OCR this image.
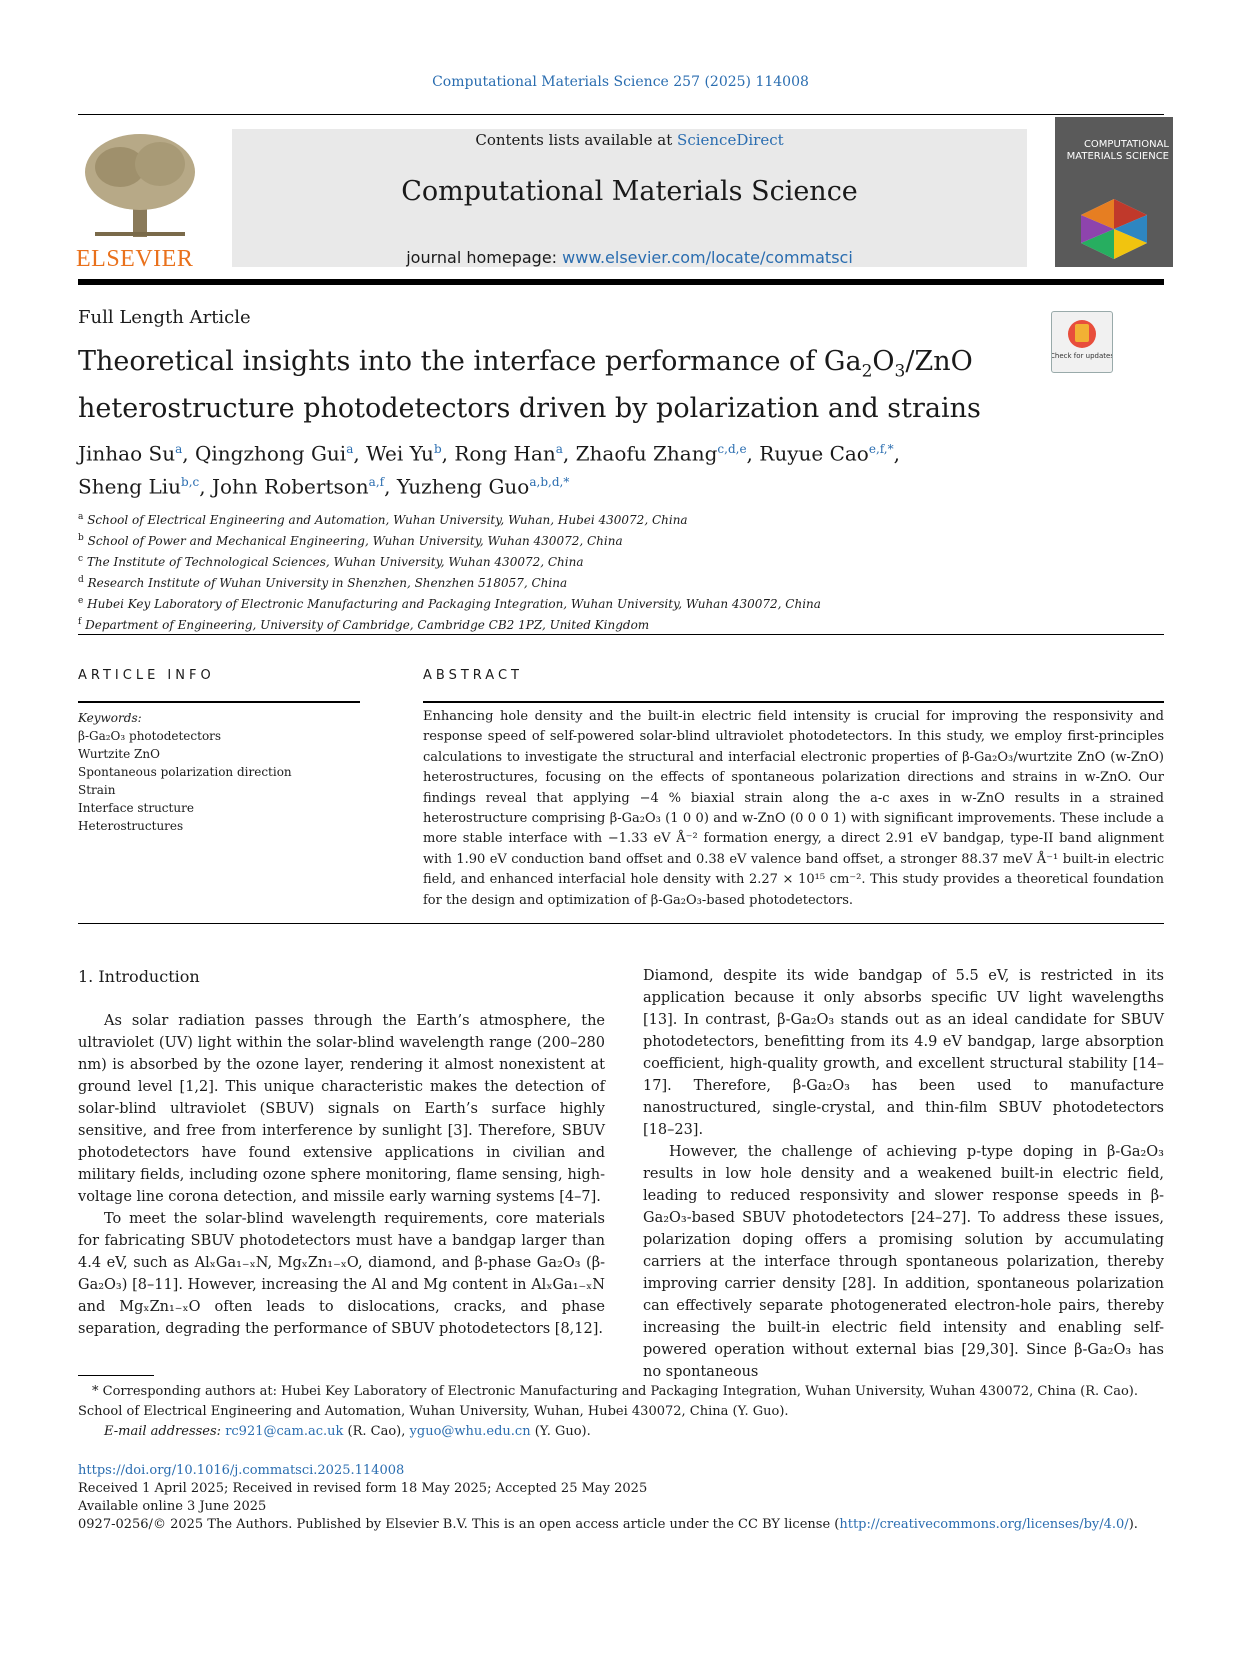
Computational Materials Science 257 (2025) 114008
ELSEVIER
Contents lists available at ScienceDirect
Computational Materials Science
journal homepage: www.elsevier.com/locate/commatsci
COMPUTATIONAL MATERIALS SCIENCE
Full Length Article
Check for updates
Theoretical insights into the interface performance of $Ga_2O_3$/ZnO
heterostructure photodetectors driven by polarization and strains
Jinhao Su$^a$, Qingzhong Gui$^a$, Wei Yu$^b$, Rong Han$^a$, Zhaofu Zhang$^{c,d,e}$, Ruyue Cao$^{e,f,*}$,
Sheng Liu$^{b,c}$, John Robertson$^{a,f}$, Yuzheng Guo$^{a,b,d,*}$
$^a$ School of Electrical Engineering and Automation, Wuhan University, Wuhan, Hubei 430072, China
$^b$ School of Power and Mechanical Engineering, Wuhan University, Wuhan 430072, China
$^c$ The Institute of Technological Sciences, Wuhan University, Wuhan 430072, China
$^d$ Research Institute of Wuhan University in Shenzhen, Shenzhen 518057, China
$^e$ Hubei Key Laboratory of Electronic Manufacturing and Packaging Integration, Wuhan University, Wuhan 430072, China
$^f$ Department of Engineering, University of Cambridge, Cambridge CB2 1PZ, United Kingdom
ARTICLE INFO	ABSTRACT
Keywords:
β-Ga₂O₃ photodetectors
Wurtzite ZnO
Spontaneous polarization direction
Strain
Interface structure
Heterostructures
Enhancing hole density and the built-in electric field intensity is crucial for improving the responsivity and response speed of self-powered solar-blind ultraviolet photodetectors. In this study, we employ first-principles calculations to investigate the structural and interfacial electronic properties of β-Ga₂O₃/wurtzite ZnO (w-ZnO) heterostructures, focusing on the effects of spontaneous polarization directions and strains in w-ZnO. Our findings reveal that applying −4 % biaxial strain along the a-c axes in w-ZnO results in a strained heterostructure comprising β-Ga₂O₃ (1 0 0) and w-ZnO (0 0 0 1) with significant improvements. These include a more stable interface with −1.33 eV Å⁻² formation energy, a direct 2.91 eV bandgap, type-II band alignment with 1.90 eV conduction band offset and 0.38 eV valence band offset, a stronger 88.37 meV Å⁻¹ built-in electric field, and enhanced interfacial hole density with 2.27 × 10¹⁵ cm⁻². This study provides a theoretical foundation for the design and optimization of β-Ga₂O₃-based photodetectors.
1. Introduction

As solar radiation passes through the Earth’s atmosphere, the ultraviolet (UV) light within the solar-blind wavelength range (200–280 nm) is absorbed by the ozone layer, rendering it almost nonexistent at ground level [1,2]. This unique characteristic makes the detection of solar-blind ultraviolet (SBUV) signals on Earth’s surface highly sensitive, and free from interference by sunlight [3]. Therefore, SBUV photodetectors have found extensive applications in civilian and military fields, including ozone sphere monitoring, flame sensing, high-voltage line corona detection, and missile early warning systems [4–7].

To meet the solar-blind wavelength requirements, core materials for fabricating SBUV photodetectors must have a bandgap larger than 4.4 eV, such as AlₓGa₁₋ₓN, MgₓZn₁₋ₓO, diamond, and β-phase Ga₂O₃ (β-Ga₂O₃) [8–11]. However, increasing the Al and Mg content in AlₓGa₁₋ₓN and MgₓZn₁₋ₓO often leads to dislocations, cracks, and phase separation, degrading the performance of SBUV photodetectors [8,12].

Diamond, despite its wide bandgap of 5.5 eV, is restricted in its application because it only absorbs specific UV light wavelengths [13]. In contrast, β-Ga₂O₃ stands out as an ideal candidate for SBUV photodetectors, benefitting from its 4.9 eV bandgap, large absorption coefficient, high-quality growth, and excellent structural stability [14–17]. Therefore, β-Ga₂O₃ has been used to manufacture nanostructured, single-crystal, and thin-film SBUV photodetectors [18–23].

However, the challenge of achieving p-type doping in β-Ga₂O₃ results in low hole density and a weakened built-in electric field, leading to reduced responsivity and slower response speeds in β-Ga₂O₃-based SBUV photodetectors [24–27]. To address these issues, polarization doping offers a promising solution by accumulating carriers at the interface through spontaneous polarization, thereby improving carrier density [28]. In addition, spontaneous polarization can effectively separate photogenerated electron-hole pairs, thereby increasing the built-in electric field intensity and enabling self-powered operation without external bias [29,30]. Since β-Ga₂O₃ has no spontaneous

* Corresponding authors at: Hubei Key Laboratory of Electronic Manufacturing and Packaging Integration, Wuhan University, Wuhan 430072, China (R. Cao). School of Electrical Engineering and Automation, Wuhan University, Wuhan, Hubei 430072, China (Y. Guo).
E-mail addresses: rc921@cam.ac.uk (R. Cao), yguo@whu.edu.cn (Y. Guo).
https://doi.org/10.1016/j.commatsci.2025.114008
Received 1 April 2025; Received in revised form 18 May 2025; Accepted 25 May 2025
Available online 3 June 2025
0927-0256/© 2025 The Authors. Published by Elsevier B.V. This is an open access article under the CC BY license (http://creativecommons.org/licenses/by/4.0/).
